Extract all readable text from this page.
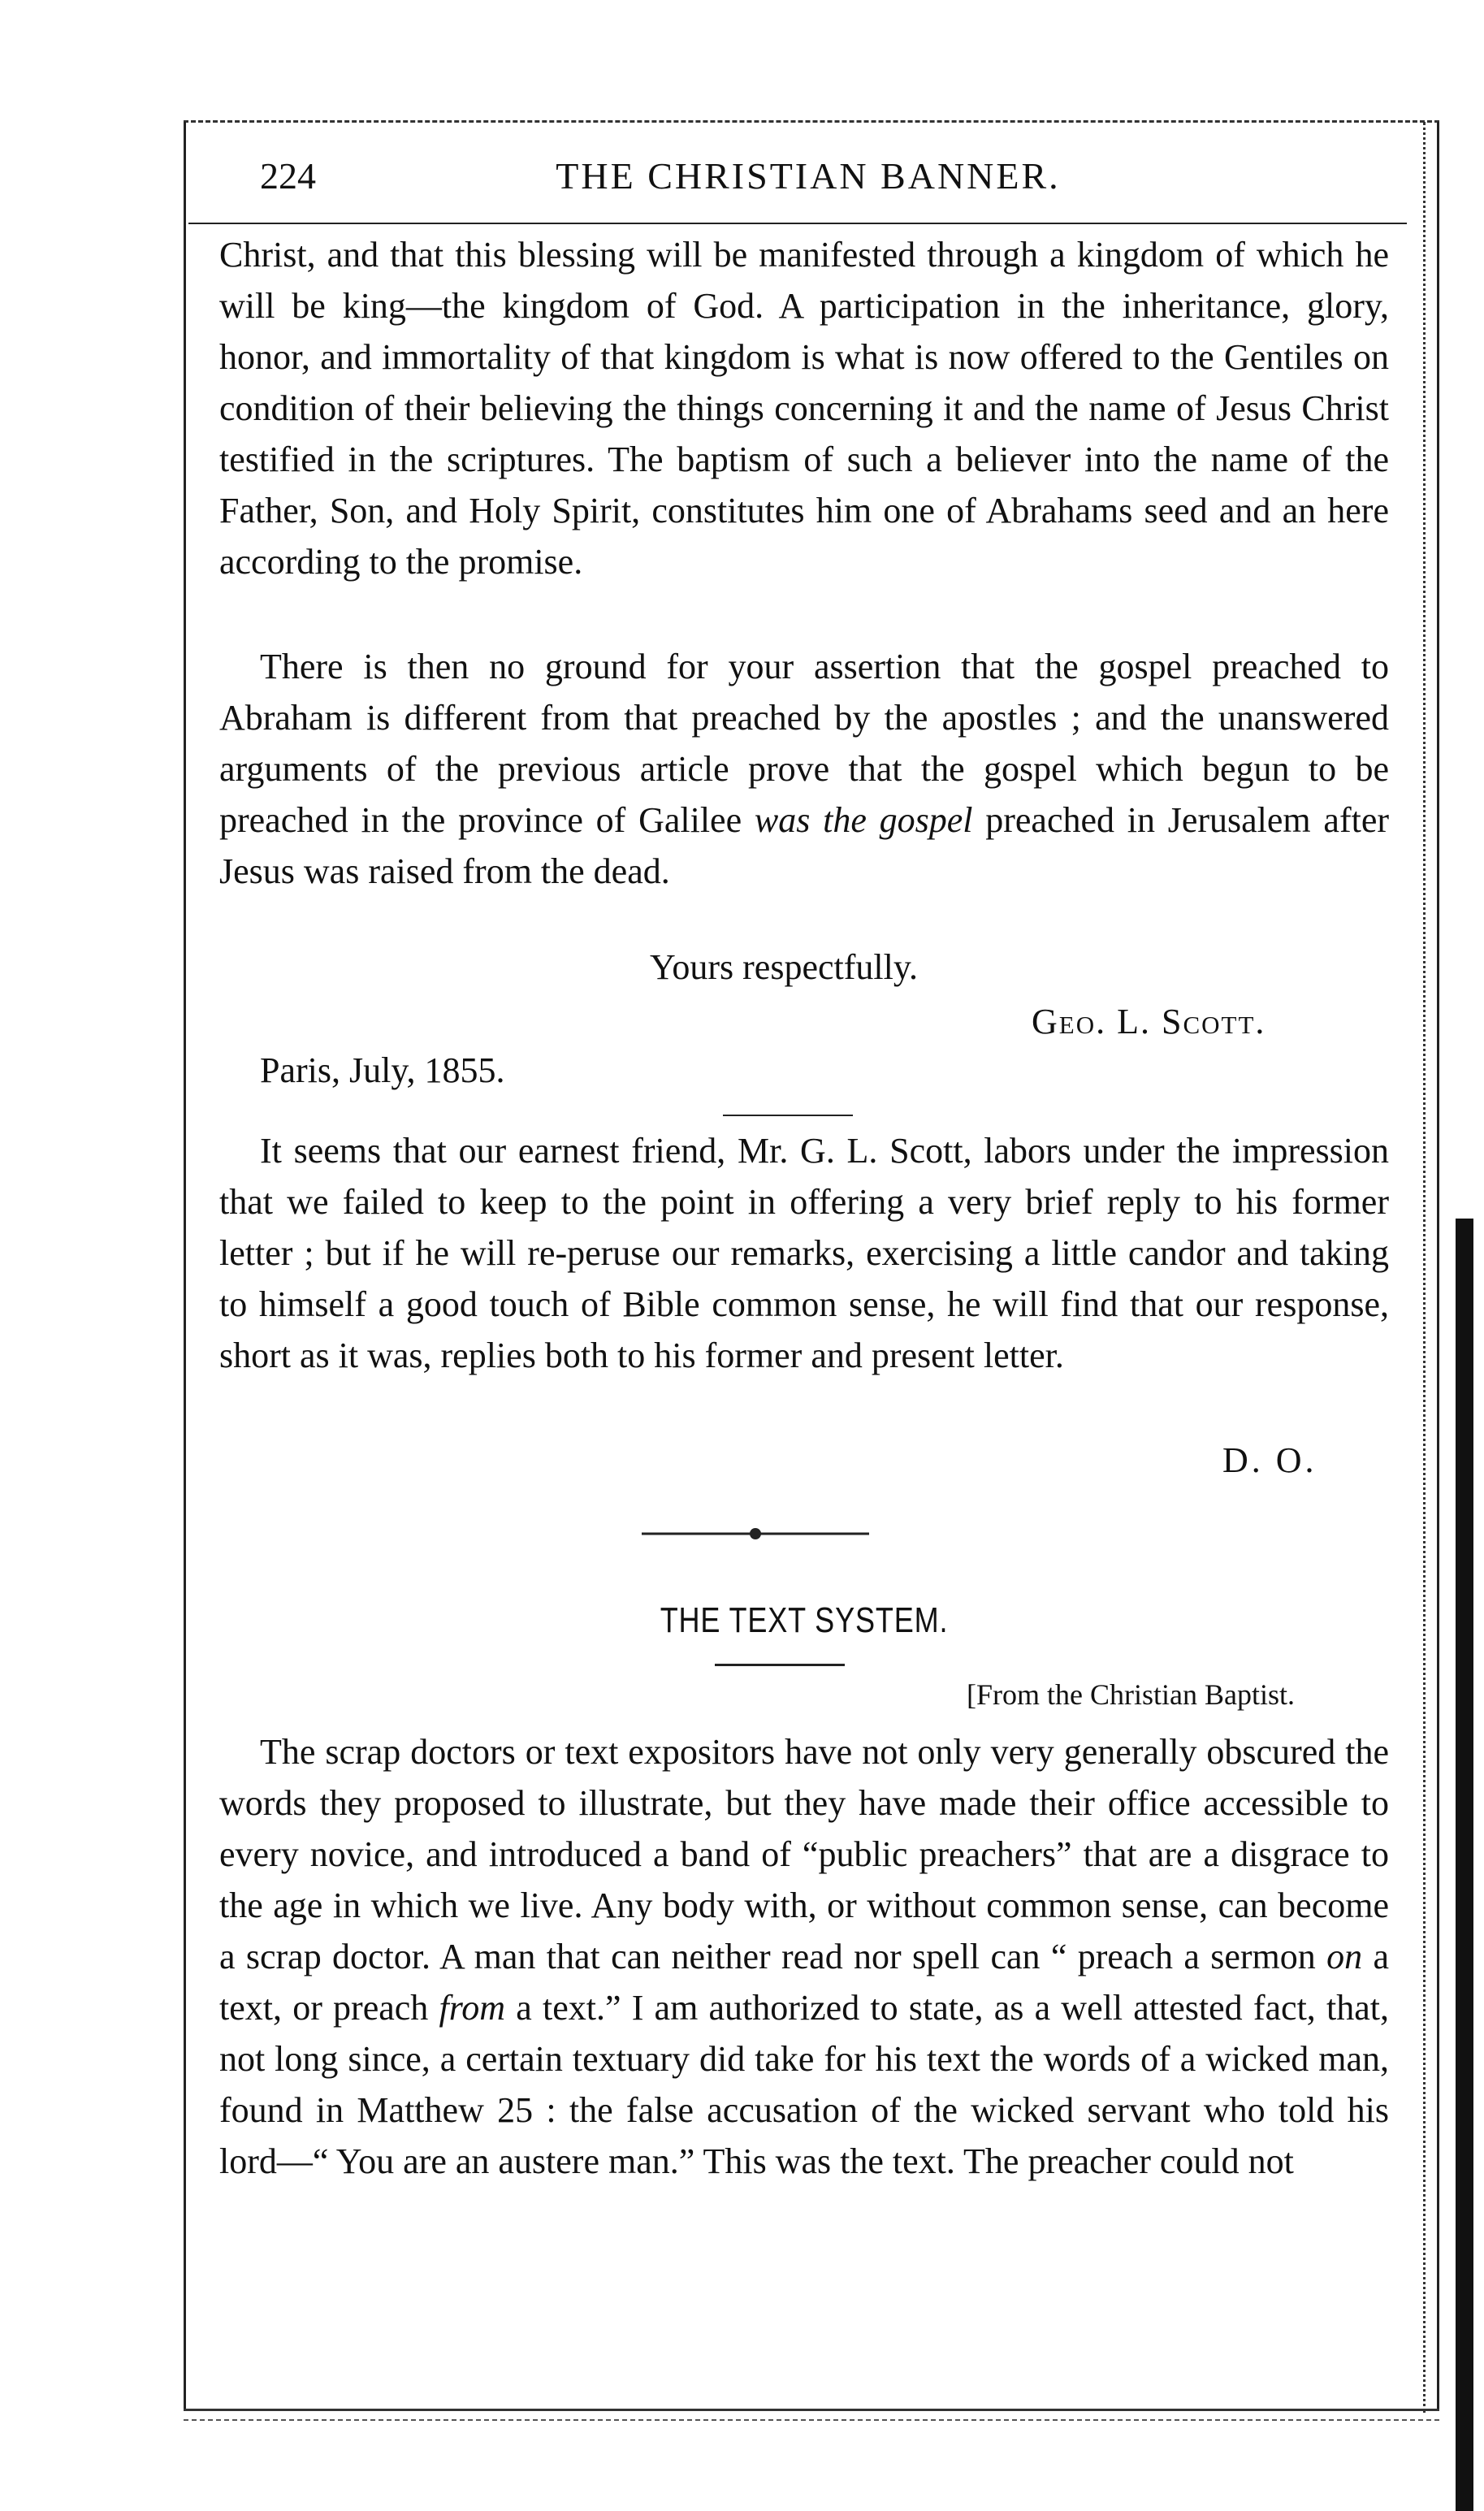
224	THE CHRISTIAN BANNER.
Christ, and that this blessing will be manifested through a kingdom of which he will be king—the kingdom of God. A participation in the inheritance, glory, honor, and immortality of that kingdom is what is now offered to the Gentiles on condition of their believing the things concerning it and the name of Jesus Christ testified in the scriptures. The baptism of such a believer into the name of the Father, Son, and Holy Spirit, constitutes him one of Abrahams seed and an here according to the promise.
There is then no ground for your assertion that the gospel preached to Abraham is different from that preached by the apostles ; and the unanswered arguments of the previous article prove that the gospel which begun to be preached in the province of Galilee was the gospel preached in Jerusalem after Jesus was raised from the dead.
Yours respectfully.
Geo. L. Scott.
Paris, July, 1855.
It seems that our earnest friend, Mr. G. L. Scott, labors under the impression that we failed to keep to the point in offering a very brief reply to his former letter ; but if he will re-peruse our remarks, exercising a little candor and taking to himself a good touch of Bible common sense, he will find that our response, short as it was, replies both to his former and present letter.
D. O.
THE TEXT SYSTEM.
[From the Christian Baptist.
The scrap doctors or text expositors have not only very generally obscured the words they proposed to illustrate, but they have made their office accessible to every novice, and introduced a band of “public preachers” that are a disgrace to the age in which we live. Any body with, or without common sense, can become a scrap doctor. A man that can neither read nor spell can “ preach a sermon on a text, or preach from a text.” I am authorized to state, as a well attested fact, that, not long since, a certain textuary did take for his text the words of a wicked man, found in Matthew 25 : the false accusation of the wicked servant who told his lord—“ You are an austere man.” This was the text. The preacher could not
